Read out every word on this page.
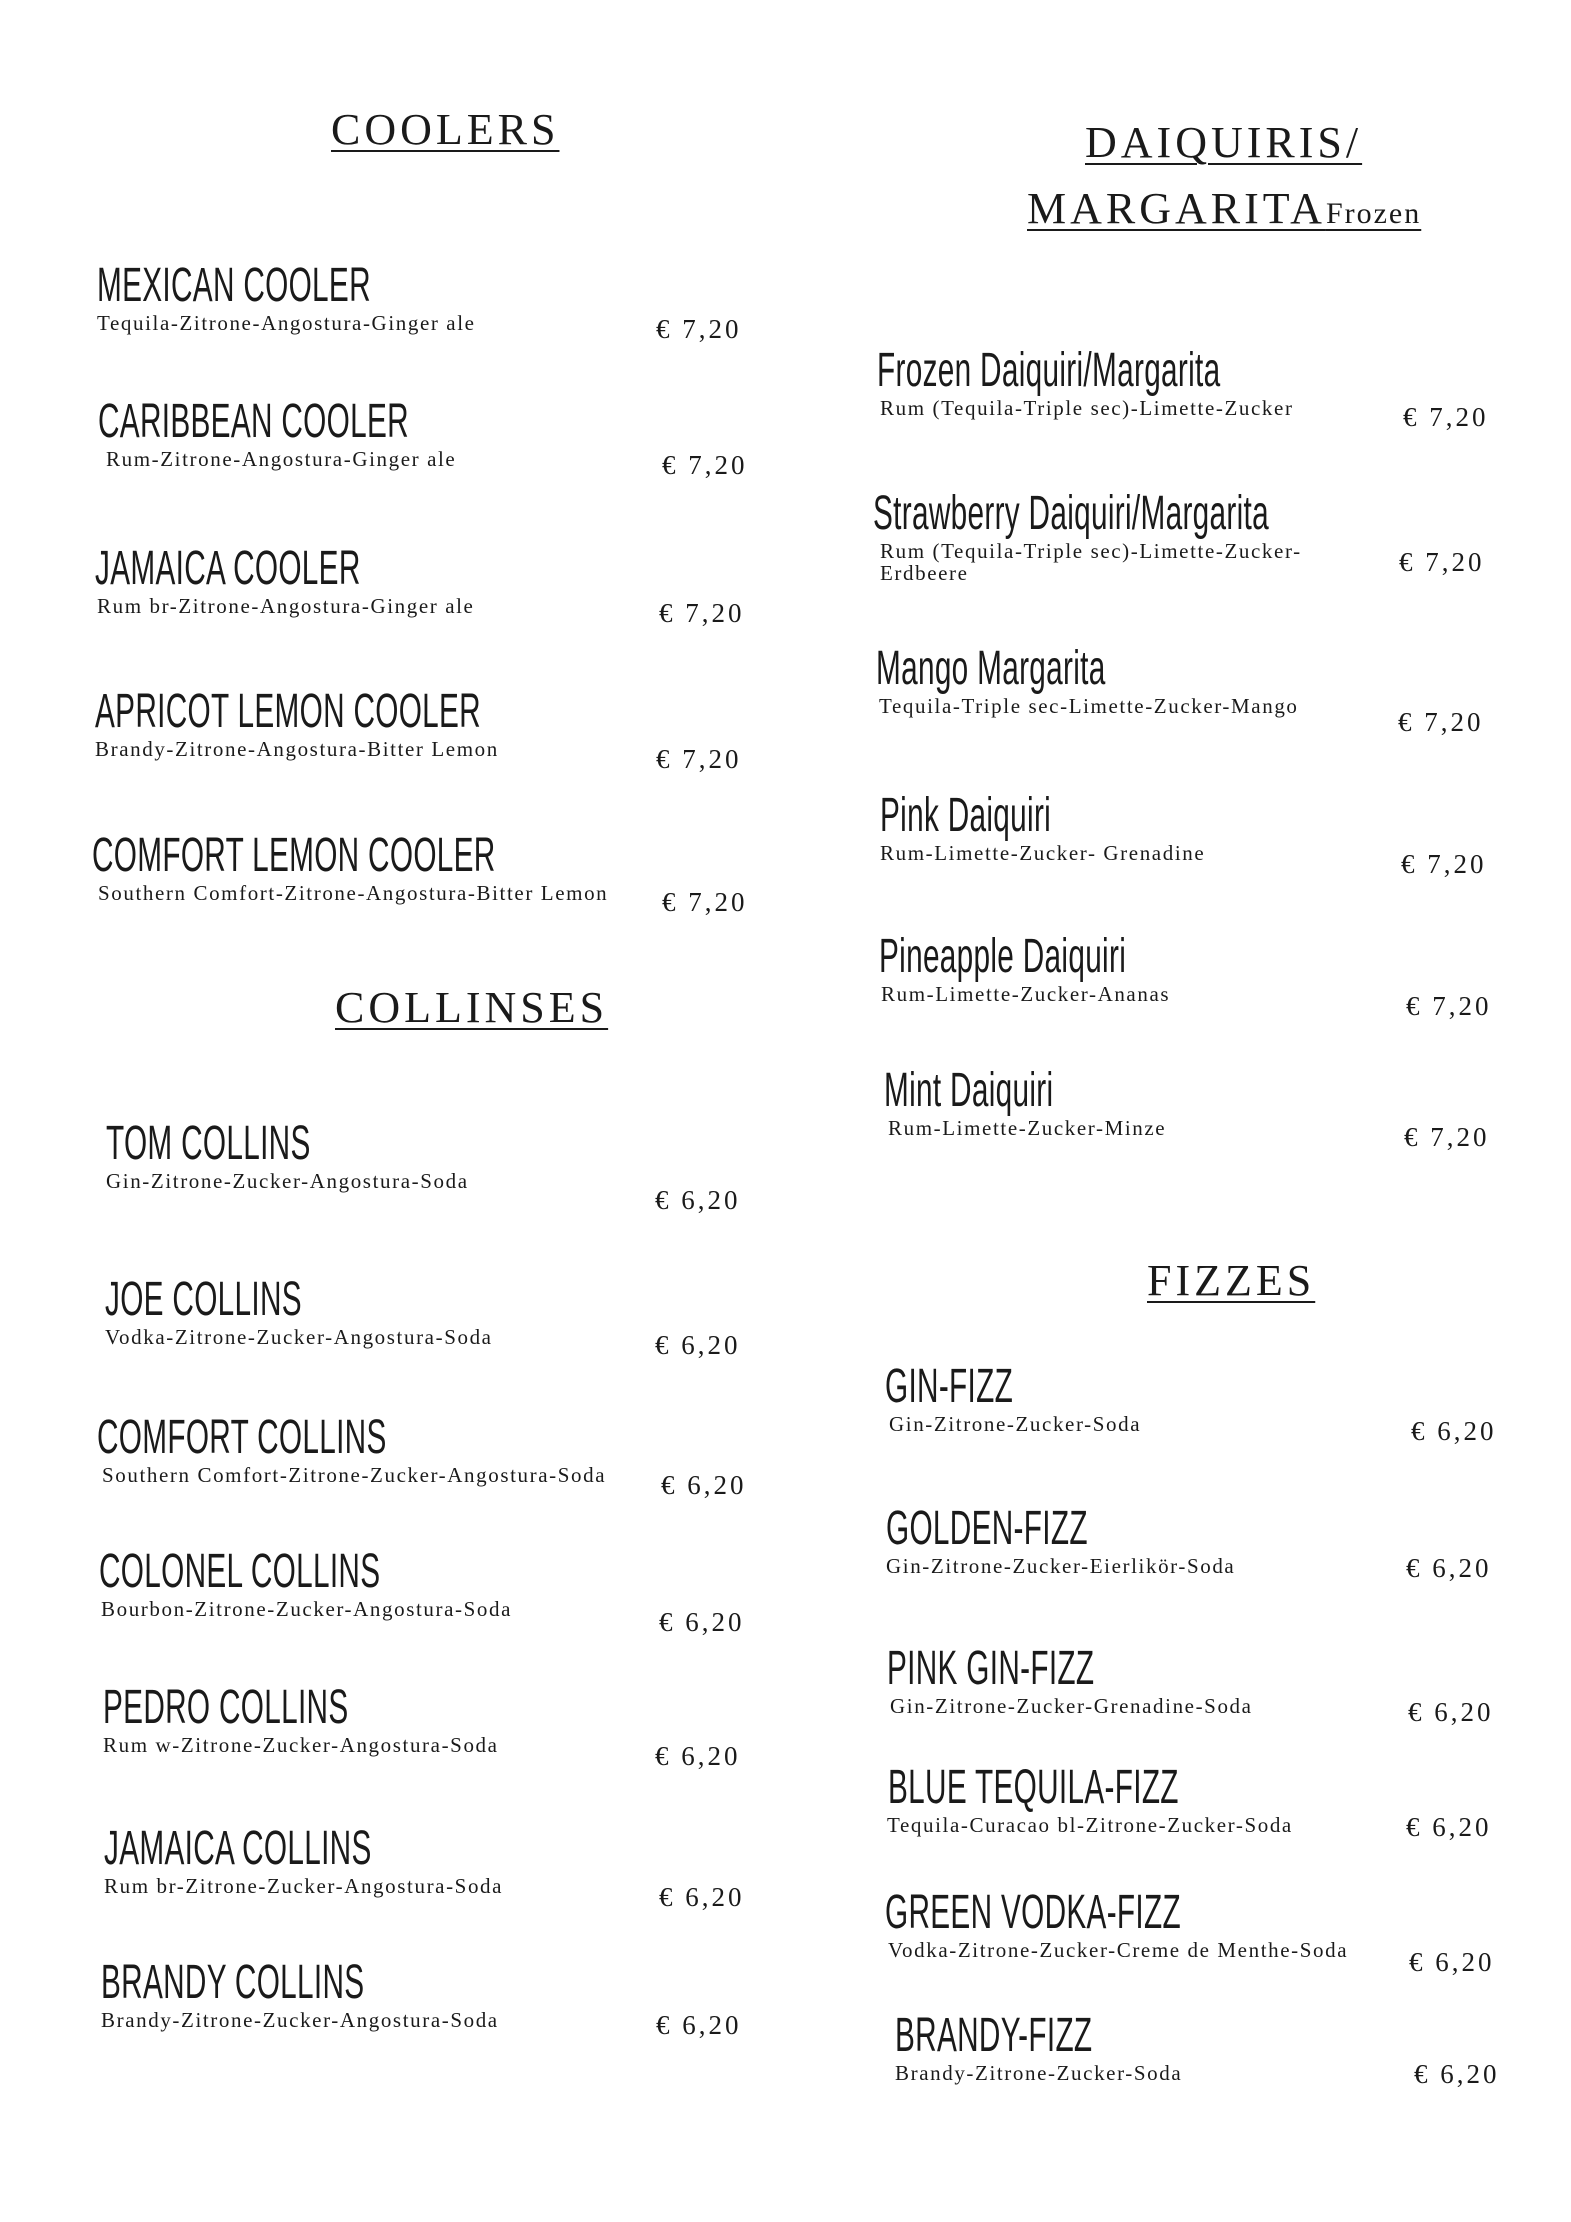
COOLERS
MEXICAN COOLER
Tequila-Zitrone-Angostura-Ginger ale	€ 7,20
CARIBBEAN COOLER
Rum-Zitrone-Angostura-Ginger ale	€ 7,20
JAMAICA COOLER
Rum br-Zitrone-Angostura-Ginger ale	€ 7,20
APRICOT LEMON COOLER
Brandy-Zitrone-Angostura-Bitter Lemon	€ 7,20
COMFORT LEMON COOLER
Southern Comfort-Zitrone-Angostura-Bitter Lemon	€ 7,20
COLLINSES
TOM COLLINS
Gin-Zitrone-Zucker-Angostura-Soda
€ 6,20
JOE COLLINS
Vodka-Zitrone-Zucker-Angostura-Soda	€ 6,20
COMFORT COLLINS
Southern Comfort-Zitrone-Zucker-Angostura-Soda € 6,20
COLONEL COLLINS
Bourbon-Zitrone-Zucker-Angostura-Soda	€ 6,20
PEDRO COLLINS
Rum w-Zitrone-Zucker-Angostura-Soda	€ 6,20
JAMAICA COLLINS
Rum br-Zitrone-Zucker-Angostura-Soda	€ 6,20
BRANDY COLLINS
Brandy-Zitrone-Zucker-Angostura-Soda	€ 6,20
DAIQUIRIS/
MARGARITAFrozen
Frozen Daiquiri/Margarita
Rum (Tequila-Triple sec)-Limette-Zucker	€ 7,20
Strawberry Daiquiri/Margarita
Rum (Tequila-Triple sec)-Limette-Zucker-Erdbeere	€ 7,20
Mango Margarita
Tequila-Triple sec-Limette-Zucker-Mango
€ 7,20
Pink Daiquiri
Rum-Limette-Zucker- Grenadine	€ 7,20
Pineapple Daiquiri
Rum-Limette-Zucker-Ananas	€ 7,20
Mint Daiquiri
Rum-Limette-Zucker-Minze	€ 7,20
FIZZES
GIN-FIZZ
Gin-Zitrone-Zucker-Soda	€ 6,20
GOLDEN-FIZZ
Gin-Zitrone-Zucker-Eierlikör-Soda	€ 6,20
PINK GIN-FIZZ
Gin-Zitrone-Zucker-Grenadine-Soda	€ 6,20
BLUE TEQUILA-FIZZ
Tequila-Curacao bl-Zitrone-Zucker-Soda	€ 6,20
GREEN VODKA-FIZZ
Vodka-Zitrone-Zucker-Creme de Menthe-Soda	€ 6,20
BRANDY-FIZZ
Brandy-Zitrone-Zucker-Soda	€ 6,20
